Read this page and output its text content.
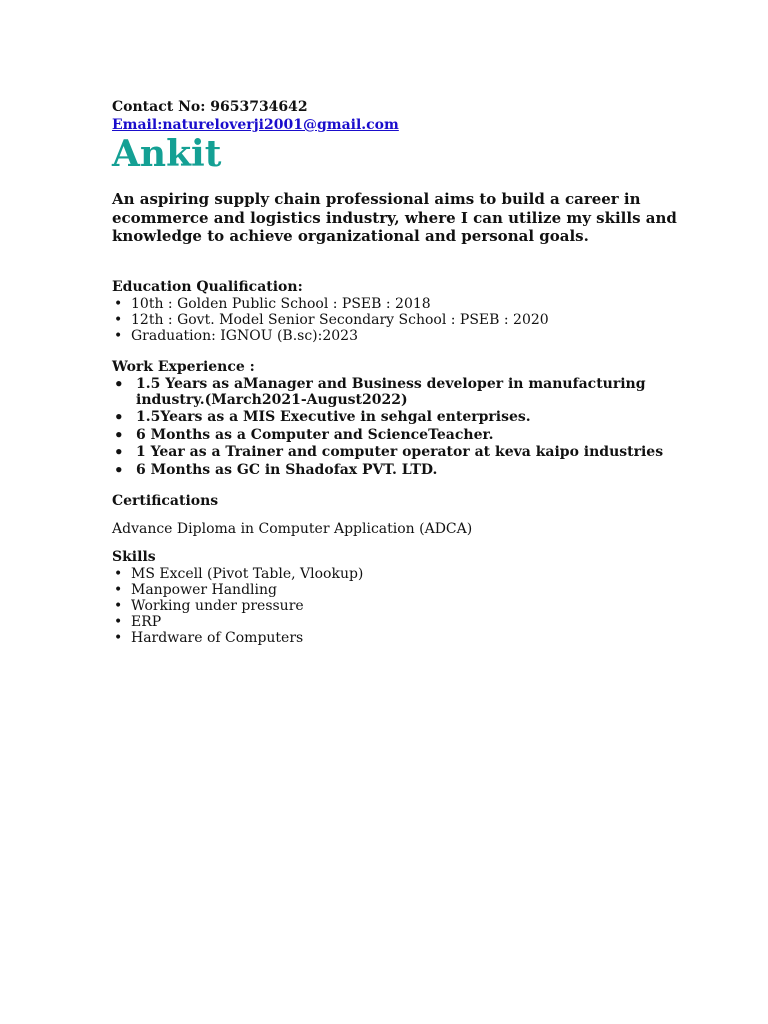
Contact No: 9653734642
Email:natureloverji2001@gmail.com
Ankit
An aspiring supply chain professional aims to build a career in ecommerce and logistics industry, where I can utilize my skills and knowledge to achieve organizational and personal goals.
Education Qualification:
• 10th : Golden Public School : PSEB : 2018
• 12th : Govt. Model Senior Secondary School : PSEB : 2020
• Graduation: IGNOU (B.sc):2023
Work Experience :
• 1.5 Years as aManager and Business developer in manufacturing industry.(March2021-August2022)
• 1.5Years as a MIS Executive in sehgal enterprises.
• 6 Months as a Computer and ScienceTeacher.
• 1 Year as a Trainer and computer operator at keva kaipo industries
• 6 Months as GC in Shadofax PVT. LTD.
Certifications
Advance Diploma in Computer Application (ADCA)
Skills
• MS Excell (Pivot Table, Vlookup)
• Manpower Handling
• Working under pressure
• ERP
• Hardware of Computers
